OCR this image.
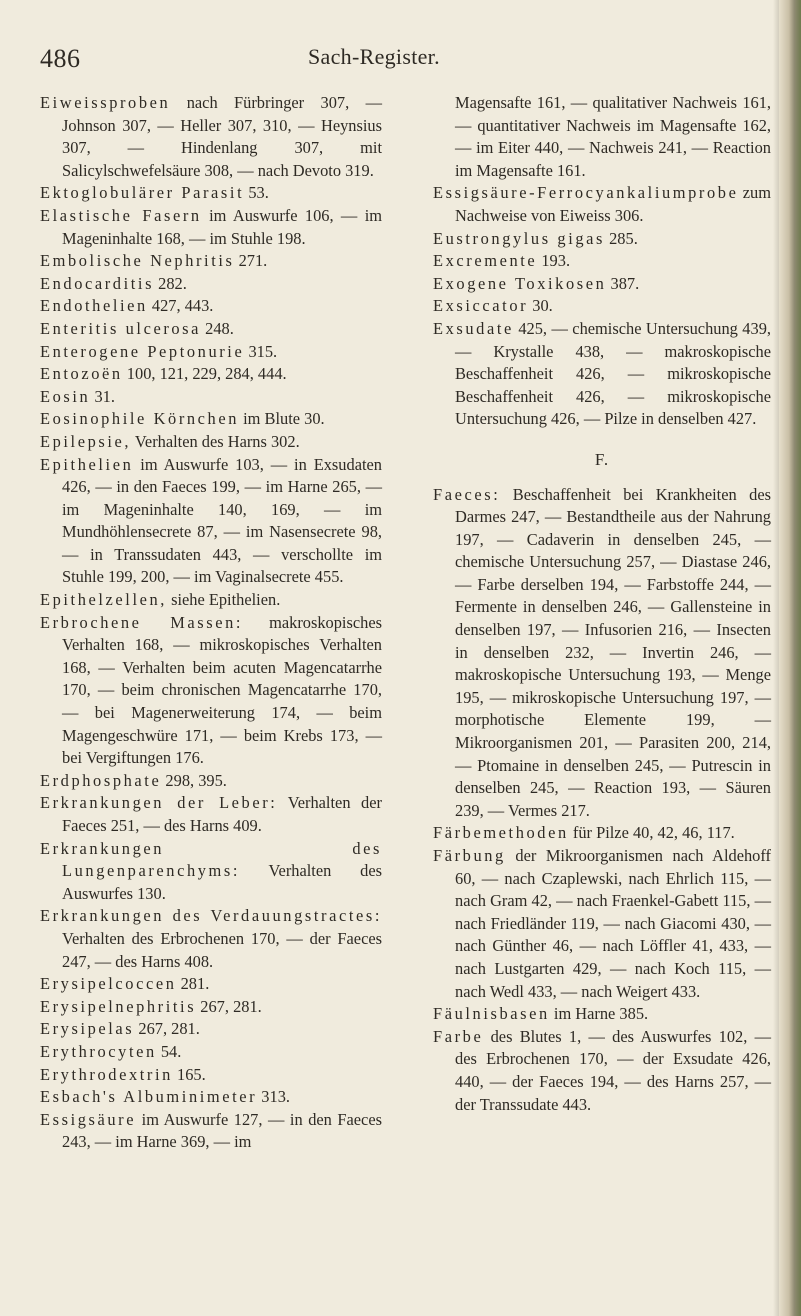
486	Sach-Register.
Eiweissproben nach Fürbringer 307, — Johnson 307, — Heller 307, 310, — Heynsius 307, — Hindenlang 307, mit Salicylschwefelsäure 308, — nach Devoto 319.
Ektoglobulärer Parasit 53.
Elastische Fasern im Auswurfe 106, — im Mageninhalte 168, — im Stuhle 198.
Embolische Nephritis 271.
Endocarditis 282.
Endothelien 427, 443.
Enteritis ulcerosa 248.
Enterogene Peptonurie 315.
Entozoën 100, 121, 229, 284, 444.
Eosin 31.
Eosinophile Körnchen im Blute 30.
Epilepsie, Verhalten des Harns 302.
Epithelien im Auswurfe 103, — in Exsudaten 426, — in den Faeces 199, — im Harne 265, — im Mageninhalte 140, 169, — im Mundhöhlensecrete 87, — im Nasensecrete 98, — in Transsudaten 443, — verschollte im Stuhle 199, 200, — im Vaginalsecrete 455.
Epithelzellen, siehe Epithelien.
Erbrochene Massen: makroskopisches Verhalten 168, — mikroskopisches Verhalten 168, — Verhalten beim acuten Magencatarrhe 170, — beim chronischen Magencatarrhe 170, — bei Magenerweiterung 174, — beim Magengeschwüre 171, — beim Krebs 173, — bei Vergiftungen 176.
Erdphosphate 298, 395.
Erkrankungen der Leber: Verhalten der Faeces 251, — des Harns 409.
Erkrankungen des Lungenparenchyms: Verhalten des Auswurfes 130.
Erkrankungen des Verdauungstractes: Verhalten des Erbrochenen 170, — der Faeces 247, — des Harns 408.
Erysipelcoccen 281.
Erysipelnephritis 267, 281.
Erysipelas 267, 281.
Erythrocyten 54.
Erythrodextrin 165.
Esbach's Albuminimeter 313.
Essigsäure im Auswurfe 127, — in den Faeces 243, — im Harne 369, — im
Magensafte 161, — qualitativer Nachweis 161, — quantitativer Nachweis im Magensafte 162, — im Eiter 440, — Nachweis 241, — Reaction im Magensafte 161.
Essigsäure-Ferrocyankaliumprobe zum Nachweise von Eiweiss 306.
Eustrongylus gigas 285.
Excremente 193.
Exogene Toxikosen 387.
Exsiccator 30.
Exsudate 425, — chemische Untersuchung 439, — Krystalle 438, — makroskopische Beschaffenheit 426, — mikroskopische Beschaffenheit 426, — mikroskopische Untersuchung 426, — Pilze in denselben 427.
F.
Faeces: Beschaffenheit bei Krankheiten des Darmes 247, — Bestandtheile aus der Nahrung 197, — Cadaverin in denselben 245, — chemische Untersuchung 257, — Diastase 246, — Farbe derselben 194, — Farbstoffe 244, — Fermente in denselben 246, — Gallensteine in denselben 197, — Infusorien 216, — Insecten in denselben 232, — Invertin 246, — makroskopische Untersuchung 193, — Menge 195, — mikroskopische Untersuchung 197, — morphotische Elemente 199, — Mikroorganismen 201, — Parasiten 200, 214, — Ptomaine in denselben 245, — Putrescin in denselben 245, — Reaction 193, — Säuren 239, — Vermes 217.
Färbemethoden für Pilze 40, 42, 46, 117.
Färbung der Mikroorganismen nach Aldehoff 60, — nach Czaplewski, nach Ehrlich 115, — nach Gram 42, — nach Fraenkel-Gabett 115, — nach Friedländer 119, — nach Giacomi 430, — nach Günther 46, — nach Löffler 41, 433, — nach Lustgarten 429, — nach Koch 115, — nach Wedl 433, — nach Weigert 433.
Fäulnisbasen im Harne 385.
Farbe des Blutes 1, — des Auswurfes 102, — des Erbrochenen 170, — der Exsudate 426, 440, — der Faeces 194, — des Harns 257, — der Transsudate 443.
